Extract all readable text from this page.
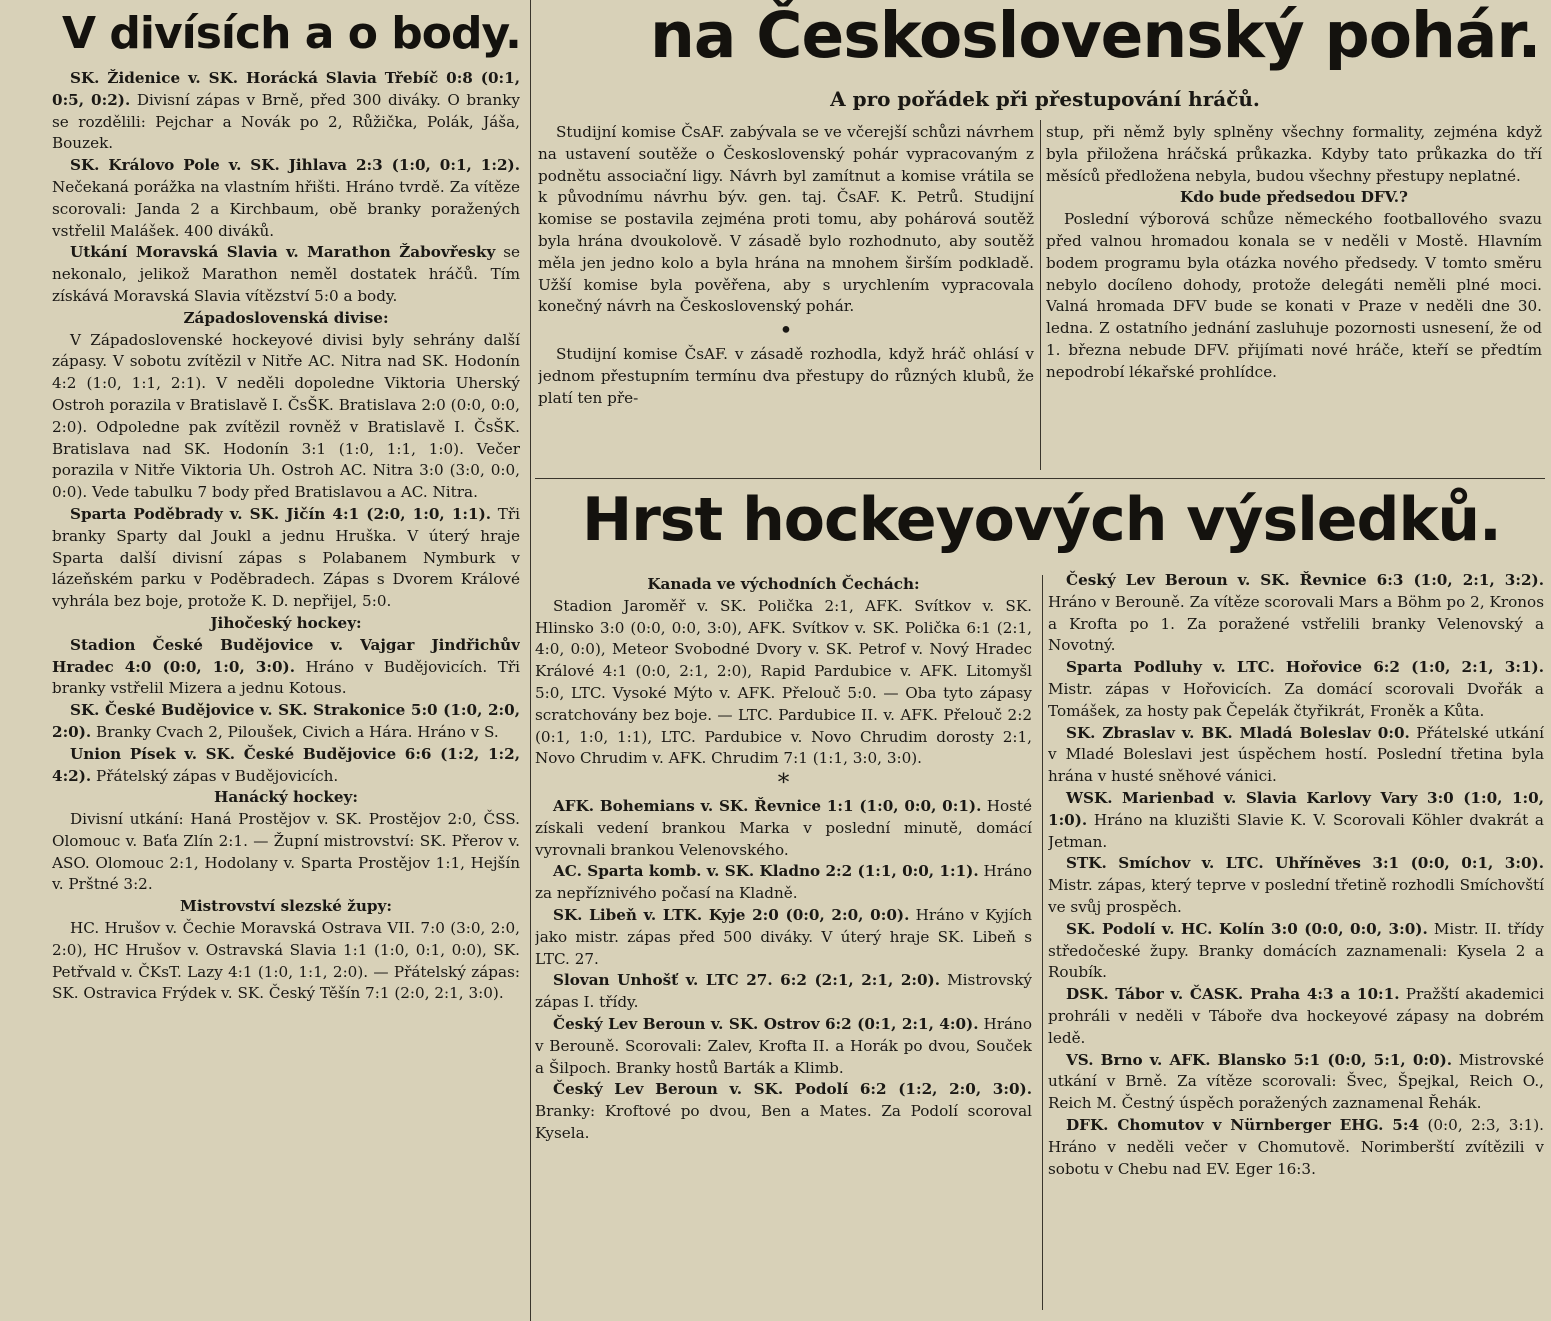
V divísích a o body. na Československý pohár.
A pro pořádek při přestupování hráčů.
Hrst hockeyových výsledků.

SK. Židenice v. SK. Horácká Slavia Třebíč 0:8 (0:1, 0:5, 0:2). Divisní zápas v Brně, před 300 diváky. O branky se rozdělili: Pejchar a Novák po 2, Růžička, Polák, Jáša, Bouzek.

SK. Královo Pole v. SK. Jihlava 2:3 (1:0, 0:1, 1:2). Nečekaná porážka na vlastním hřišti. Hráno tvrdě. Za vítěze scorovali: Janda 2 a Kirchbaum, obě branky poražených vstřelil Malášek. 400 diváků.

Utkání Moravská Slavia v. Marathon Žabovřesky se nekonalo, jelikož Marathon neměl dostatek hráčů. Tím získává Moravská Slavia vítězství 5:0 a body.

Západoslovenská divise:

V Západoslovenské hockeyové divisi byly sehrány další zápasy. V sobotu zvítězil v Nitře AC. Nitra nad SK. Hodonín 4:2 (1:0, 1:1, 2:1). V neděli dopoledne Viktoria Uherský Ostroh porazila v Bratislavě I. ČsŠK. Bratislava 2:0 (0:0, 0:0, 2:0). Odpoledne pak zvítězil rovněž v Bratislavě I. ČsŠK. Bratislava nad SK. Hodonín 3:1 (1:0, 1:1, 1:0). Večer porazila v Nitře Viktoria Uh. Ostroh AC. Nitra 3:0 (3:0, 0:0, 0:0). Vede tabulku 7 body před Bratislavou a AC. Nitra.

Sparta Poděbrady v. SK. Jičín 4:1 (2:0, 1:0, 1:1). Tři branky Sparty dal Joukl a jednu Hruška. V úterý hraje Sparta další divisní zápas s Polabanem Nymburk v lázeňském parku v Poděbradech. Zápas s Dvorem Králové vyhrála bez boje, protože K. D. nepřijel, 5:0.

Jihočeský hockey:

Stadion České Budějovice v. Vajgar Jindřichův Hradec 4:0 (0:0, 1:0, 3:0). Hráno v Budějovicích. Tři branky vstřelil Mizera a jednu Kotous.

SK. České Budějovice v. SK. Strakonice 5:0 (1:0, 2:0, 2:0). Branky Cvach 2, Piloušek, Civich a Hára. Hráno v S.

Union Písek v. SK. České Budějovice 6:6 (1:2, 1:2, 4:2). Přátelský zápas v Budějovicích.

Hanácký hockey:

Divisní utkání: Haná Prostějov v. SK. Prostějov 2:0, ČSS. Olomouc v. Baťa Zlín 2:1. — Župní mistrovství: SK. Přerov v. ASO. Olomouc 2:1, Hodolany v. Sparta Prostějov 1:1, Hejšín v. Prštné 3:2.

Mistrovství slezské župy:

HC. Hrušov v. Čechie Moravská Ostrava VII. 7:0 (3:0, 2:0, 2:0), HC Hrušov v. Ostravská Slavia 1:1 (1:0, 0:1, 0:0), SK. Petřvald v. ČKsT. Lazy 4:1 (1:0, 1:1, 2:0). — Přátelský zápas: SK. Ostravica Frýdek v. SK. Český Těšín 7:1 (2:0, 2:1, 3:0).

Studijní komise ČsAF. zabývala se ve včerejší schůzi návrhem na ustavení soutěže o Československý pohár vypracovaným z podnětu associační ligy. Návrh byl zamítnut a komise vrátila se k původnímu návrhu býv. gen. taj. ČsAF. K. Petrů. Studijní komise se postavila zejména proti tomu, aby pohárová soutěž byla hrána dvoukolově. V zásadě bylo rozhodnuto, aby soutěž měla jen jedno kolo a byla hrána na mnohem širším podkladě. Užší komise byla pověřena, aby s urychlením vypracovala konečný návrh na Československý pohár.

•

Studijní komise ČsAF. v zásadě rozhodla, když hráč ohlásí v jednom přestupním termínu dva přestupy do různých klubů, že platí ten pře-

stup, při němž byly splněny všechny formality, zejména když byla přiložena hráčská průkazka. Kdyby tato průkazka do tří měsíců předložena nebyla, budou všechny přestupy neplatné.

Kdo bude předsedou DFV.?

Poslední výborová schůze německého footballového svazu před valnou hromadou konala se v neděli v Mostě. Hlavním bodem programu byla otázka nového předsedy. V tomto směru nebylo docíleno dohody, protože delegáti neměli plné moci. Valná hromada DFV bude se konati v Praze v neděli dne 30. ledna. Z ostatního jednání zasluhuje pozornosti usnesení, že od 1. března nebude DFV. přijímati nové hráče, kteří se předtím nepodrobí lékařské prohlídce.

Kanada ve východních Čechách:

Stadion Jaroměř v. SK. Polička 2:1, AFK. Svítkov v. SK. Hlinsko 3:0 (0:0, 0:0, 3:0), AFK. Svítkov v. SK. Polička 6:1 (2:1, 4:0, 0:0), Meteor Svobodné Dvory v. SK. Petrof v. Nový Hradec Králové 4:1 (0:0, 2:1, 2:0), Rapid Pardubice v. AFK. Litomyšl 5:0, LTC. Vysoké Mýto v. AFK. Přelouč 5:0. — Oba tyto zápasy scratchovány bez boje. — LTC. Pardubice II. v. AFK. Přelouč 2:2 (0:1, 1:0, 1:1), LTC. Pardubice v. Novo Chrudim dorosty 2:1, Novo Chrudim v. AFK. Chrudim 7:1 (1:1, 3:0, 3:0).

*

AFK. Bohemians v. SK. Řevnice 1:1 (1:0, 0:0, 0:1). Hosté získali vedení brankou Marka v poslední minutě, domácí vyrovnali brankou Velenovského.

AC. Sparta komb. v. SK. Kladno 2:2 (1:1, 0:0, 1:1). Hráno za nepříznivého počasí na Kladně.

SK. Libeň v. LTK. Kyje 2:0 (0:0, 2:0, 0:0). Hráno v Kyjích jako mistr. zápas před 500 diváky. V úterý hraje SK. Libeň s LTC. 27.

Slovan Unhošť v. LTC 27. 6:2 (2:1, 2:1, 2:0). Mistrovský zápas I. třídy.

Český Lev Beroun v. SK. Ostrov 6:2 (0:1, 2:1, 4:0). Hráno v Berouně. Scorovali: Zalev, Krofta II. a Horák po dvou, Souček a Šilpoch. Branky hostů Barták a Klimb.

Český Lev Beroun v. SK. Podolí 6:2 (1:2, 2:0, 3:0). Branky: Kroftové po dvou, Ben a Mates. Za Podolí scoroval Kysela.

Český Lev Beroun v. SK. Řevnice 6:3 (1:0, 2:1, 3:2). Hráno v Berouně. Za vítěze scorovali Mars a Böhm po 2, Kronos a Krofta po 1. Za poražené vstřelili branky Velenovský a Novotný.

Sparta Podluhy v. LTC. Hořovice 6:2 (1:0, 2:1, 3:1). Mistr. zápas v Hořovicích. Za domácí scorovali Dvořák a Tomášek, za hosty pak Čepelák čtyřikrát, Froněk a Kůta.

SK. Zbraslav v. BK. Mladá Boleslav 0:0. Přátelské utkání v Mladé Boleslavi jest úspěchem hostí. Poslední třetina byla hrána v husté sněhové vánici.

WSK. Marienbad v. Slavia Karlovy Vary 3:0 (1:0, 1:0, 1:0). Hráno na kluzišti Slavie K. V. Scorovali Köhler dvakrát a Jetman.

STK. Smíchov v. LTC. Uhříněves 3:1 (0:0, 0:1, 3:0). Mistr. zápas, který teprve v poslední třetině rozhodli Smíchovští ve svůj prospěch.

SK. Podolí v. HC. Kolín 3:0 (0:0, 0:0, 3:0). Mistr. II. třídy středočeské župy. Branky domácích zaznamenali: Kysela 2 a Roubík.

DSK. Tábor v. ČASK. Praha 4:3 a 10:1. Pražští akademici prohráli v neděli v Táboře dva hockeyové zápasy na dobrém ledě.

VS. Brno v. AFK. Blansko 5:1 (0:0, 5:1, 0:0). Mistrovské utkání v Brně. Za vítěze scorovali: Švec, Špejkal, Reich O., Reich M. Čestný úspěch poražených zaznamenal Řehák.

DFK. Chomutov v Nürnberger EHG. 5:4 (0:0, 2:3, 3:1). Hráno v neděli večer v Chomutově. Norimberští zvítězili v sobotu v Chebu nad EV. Eger 16:3.
